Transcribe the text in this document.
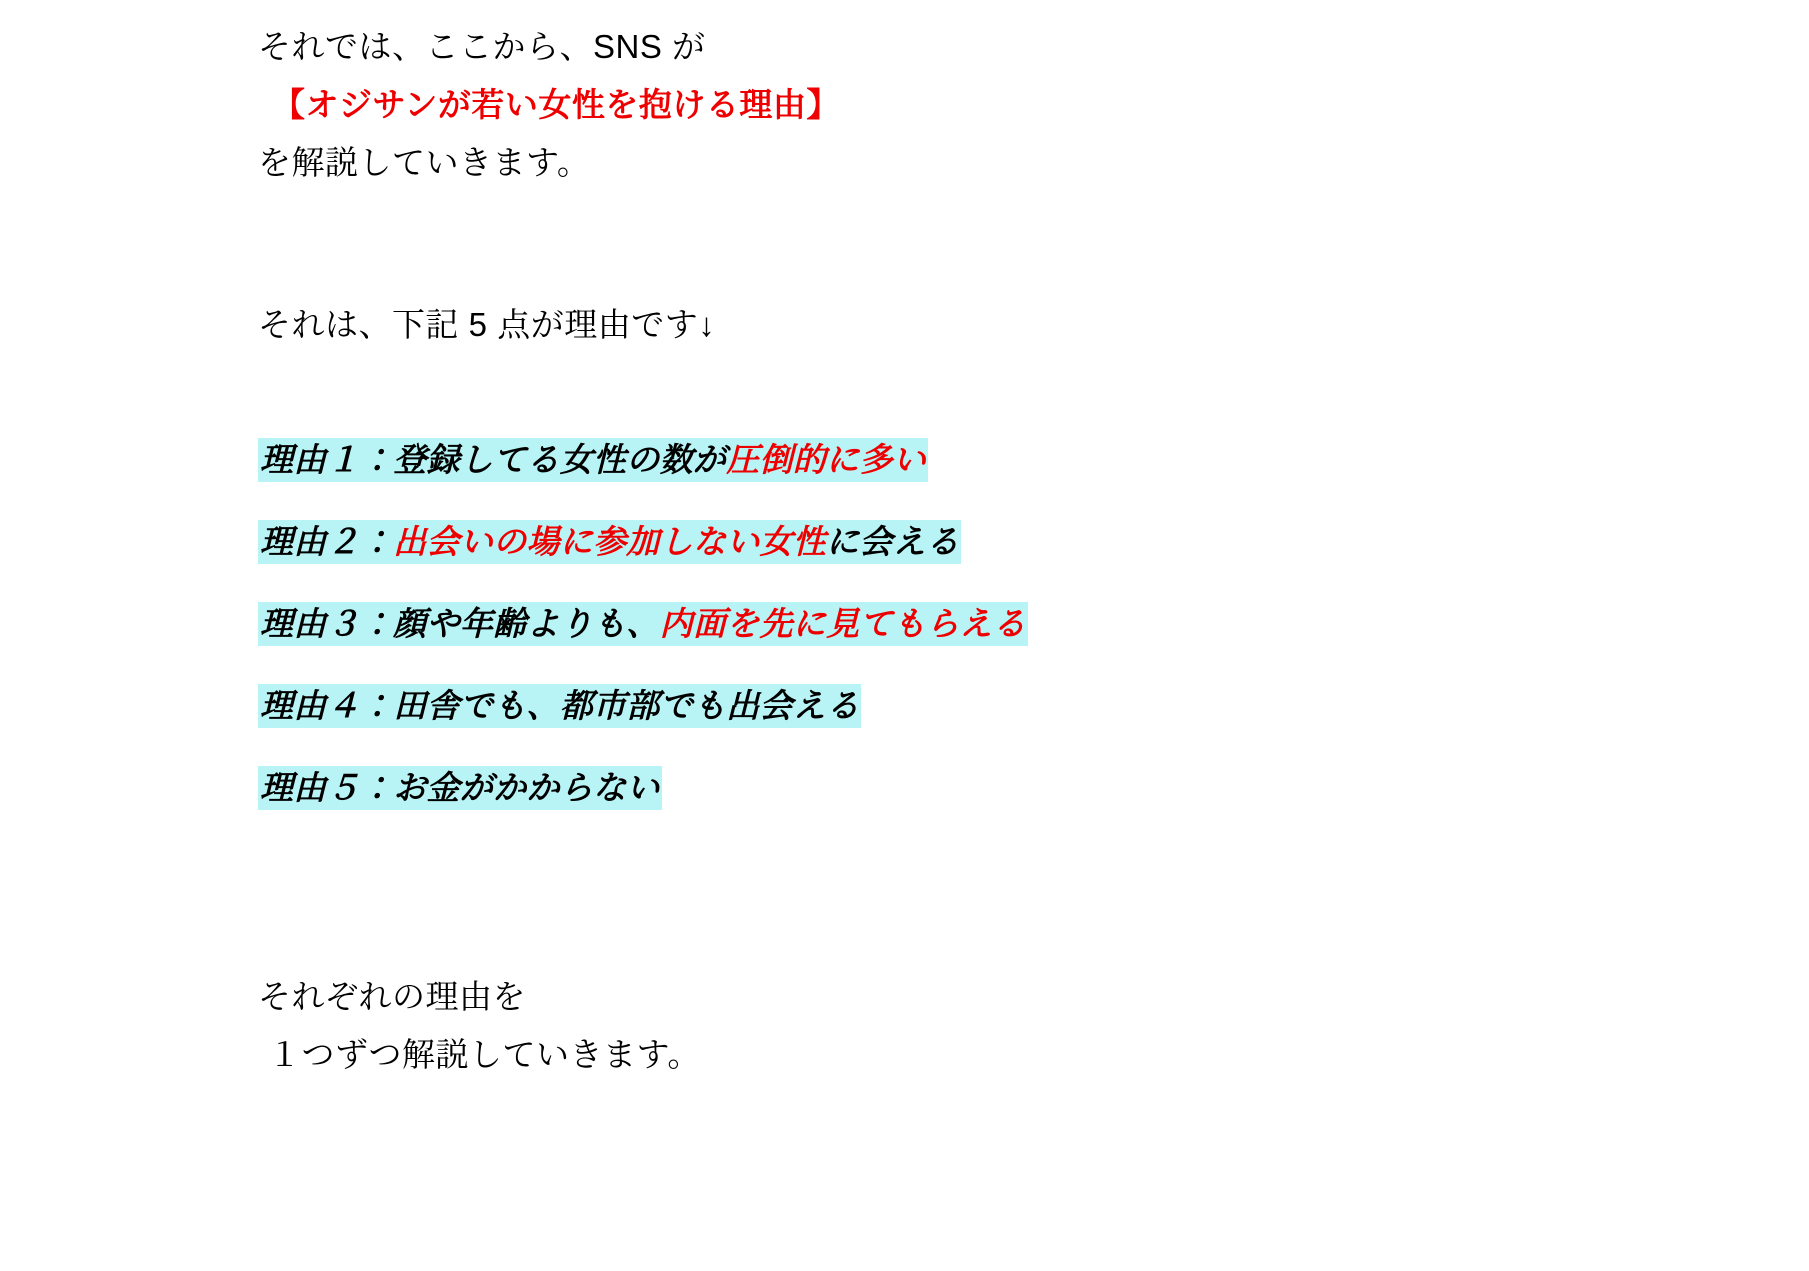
それでは、ここから、SNS が
【オジサンが若い女性を抱ける理由】
を解説していきます。
それは、下記 5 点が理由です↓
理由１：登録してる女性の数が圧倒的に多い
理由２：出会いの場に参加しない女性に会える
理由３：顔や年齢よりも、内面を先に見てもらえる
理由４：田舎でも、都市部でも出会える
理由５：お金がかからない
それぞれの理由を
１つずつ解説していきます。
